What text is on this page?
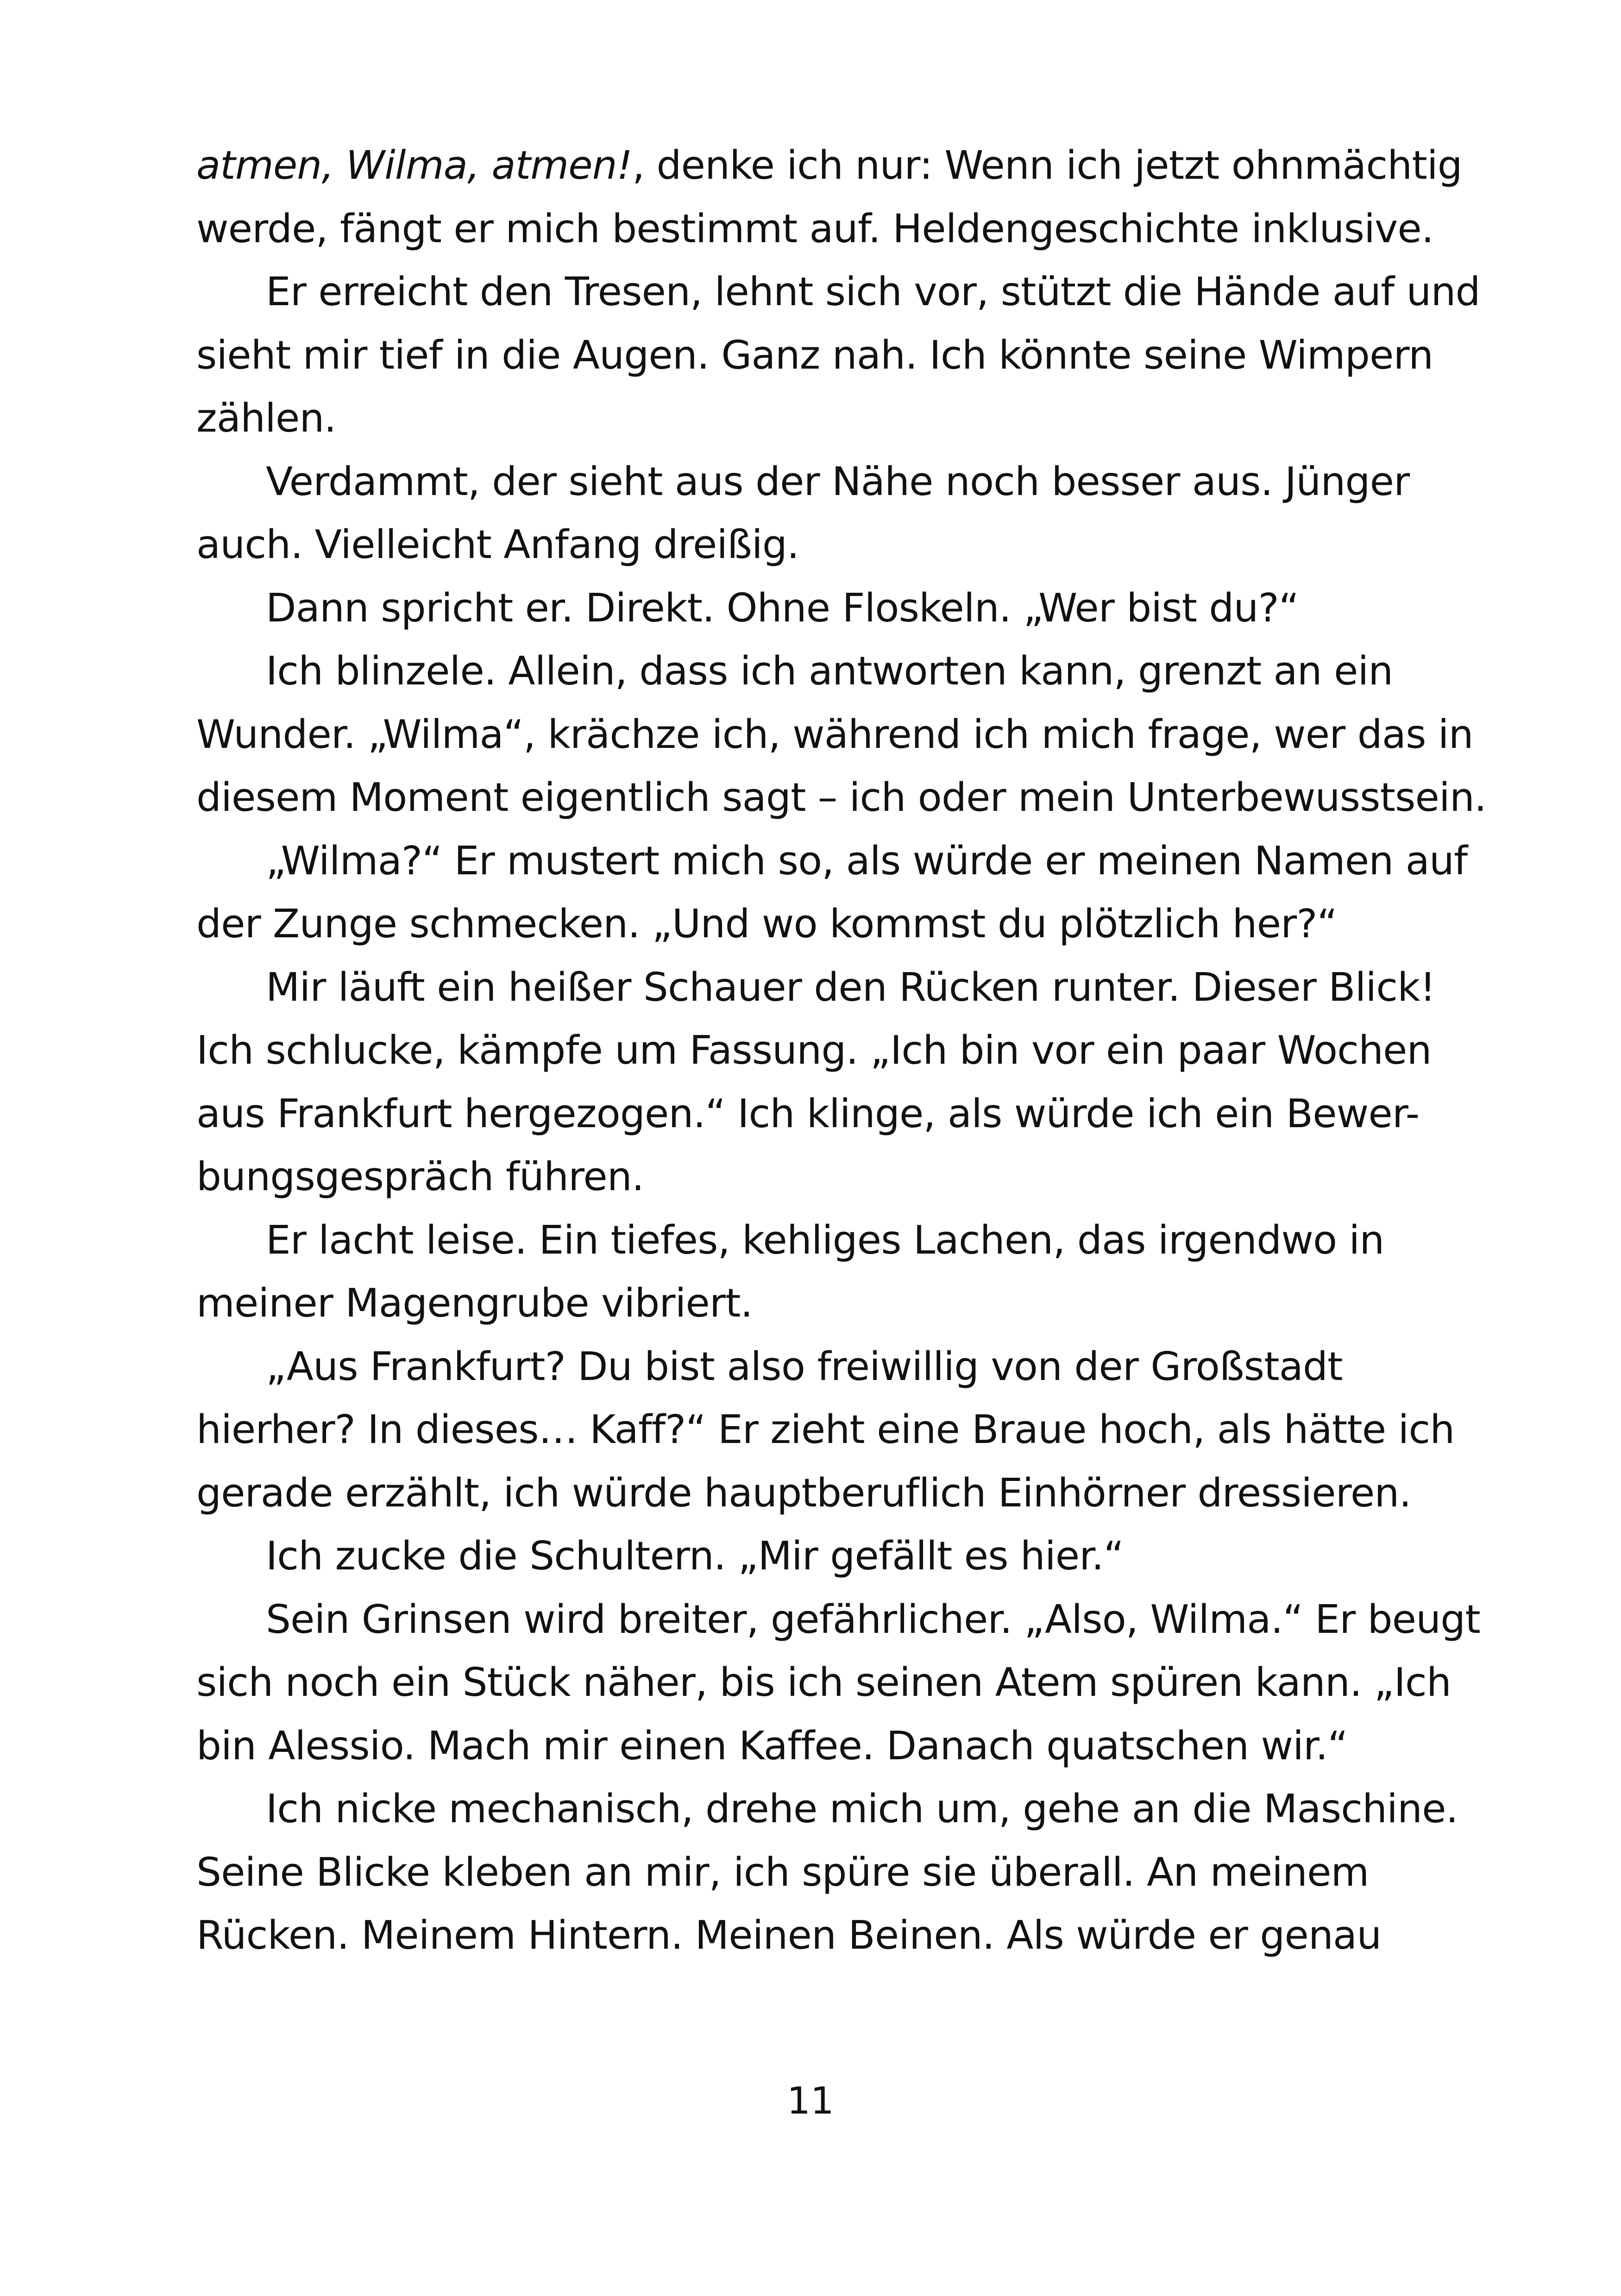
atmen, Wilma, atmen!, denke ich nur: Wenn ich jetzt ohnmächtig
werde, fängt er mich bestimmt auf. Heldengeschichte inklusive.
Er erreicht den Tresen, lehnt sich vor, stützt die Hände auf und
sieht mir tief in die Augen. Ganz nah. Ich könnte seine Wimpern
zählen.
Verdammt, der sieht aus der Nähe noch besser aus. Jünger
auch. Vielleicht Anfang dreißig.
Dann spricht er. Direkt. Ohne Floskeln. „Wer bist du?“
Ich blinzele. Allein, dass ich antworten kann, grenzt an ein
Wunder. „Wilma“, krächze ich, während ich mich frage, wer das in
diesem Moment eigentlich sagt – ich oder mein Unterbewusstsein.
„Wilma?“ Er mustert mich so, als würde er meinen Namen auf
der Zunge schmecken. „Und wo kommst du plötzlich her?“
Mir läuft ein heißer Schauer den Rücken runter. Dieser Blick!
Ich schlucke, kämpfe um Fassung. „Ich bin vor ein paar Wochen
aus Frankfurt hergezogen.“ Ich klinge, als würde ich ein Bewer-
bungsgespräch führen.
Er lacht leise. Ein tiefes, kehliges Lachen, das irgendwo in
meiner Magengrube vibriert.
„Aus Frankfurt? Du bist also freiwillig von der Großstadt
hierher? In dieses… Kaff?“ Er zieht eine Braue hoch, als hätte ich
gerade erzählt, ich würde hauptberuflich Einhörner dressieren.
Ich zucke die Schultern. „Mir gefällt es hier.“
Sein Grinsen wird breiter, gefährlicher. „Also, Wilma.“ Er beugt
sich noch ein Stück näher, bis ich seinen Atem spüren kann. „Ich
bin Alessio. Mach mir einen Kaffee. Danach quatschen wir.“
Ich nicke mechanisch, drehe mich um, gehe an die Maschine.
Seine Blicke kleben an mir, ich spüre sie überall. An meinem
Rücken. Meinem Hintern. Meinen Beinen. Als würde er genau
11
